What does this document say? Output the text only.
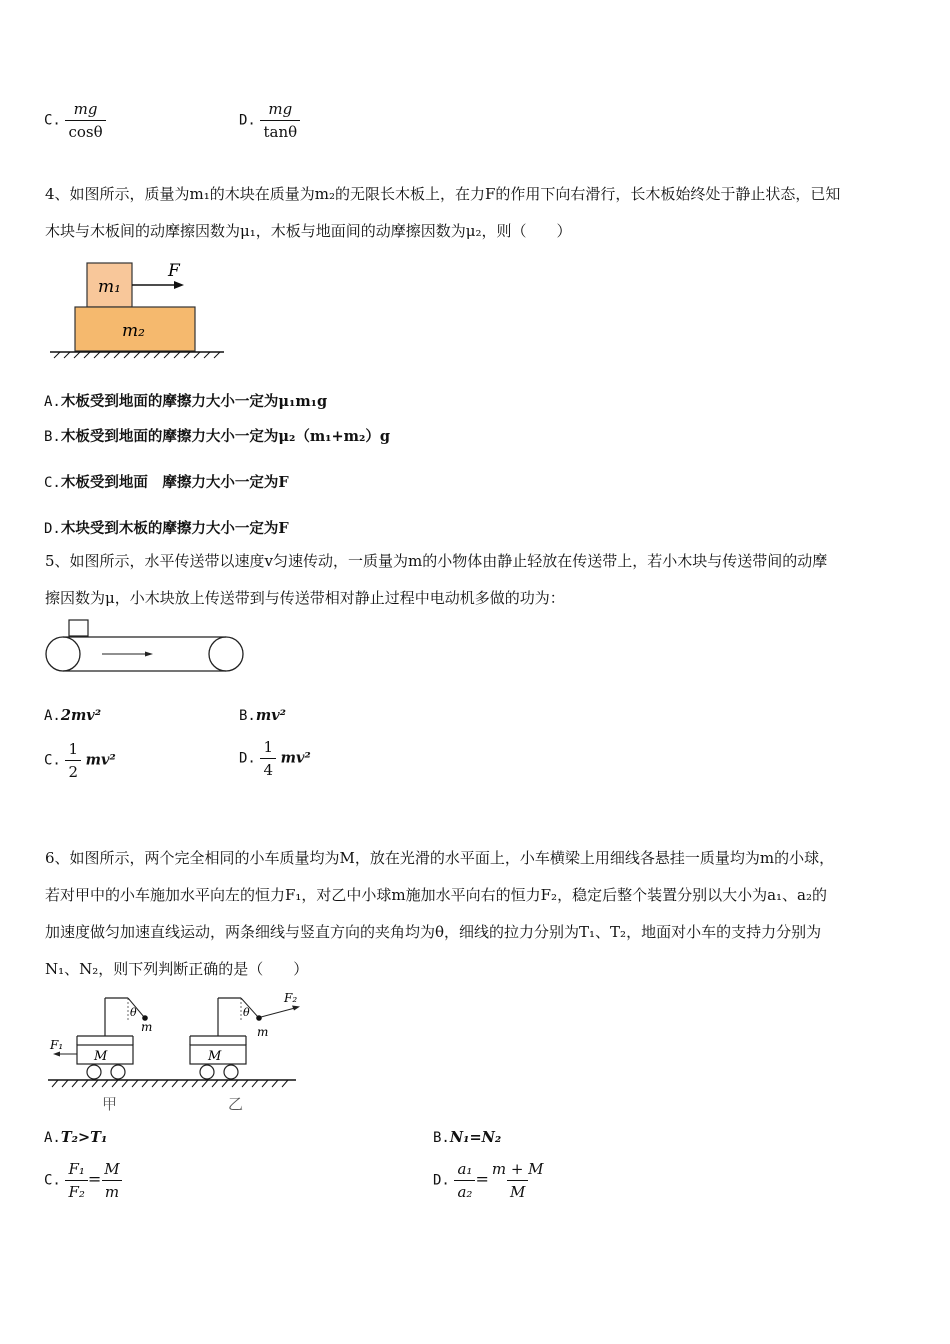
C. $\frac{mg}{\cos\theta}$	D. $\frac{mg}{\tan\theta}$
4、如图所示，质量为m₁的木块在质量为m₂的无限长木板上，在力F的作用下向右滑行，长木板始终处于静止状态，已知
木块与木板间的动摩擦因数为μ₁，木板与地面间的动摩擦因数为μ₂，则（　　）
m₁
m₂
F
A.木板受到地面的摩擦力大小一定为μ₁m₁g
B.木板受到地面的摩擦力大小一定为μ₂（m₁+m₂）g
C.木板受到地面　摩擦力大小一定为F
D.木块受到木板的摩擦力大小一定为F
5、如图所示，水平传送带以速度v匀速传动，一质量为m的小物体由静止轻放在传送带上，若小木块与传送带间的动摩
擦因数为μ，小木块放上传送带到与传送带相对静止过程中电动机多做的功为：
A.2mv²	B.mv²
C. $\frac{1}{2} mv^2$	D. $\frac{1}{4} mv^2$
6、如图所示，两个完全相同的小车质量均为M，放在光滑的水平面上，小车横梁上用细线各悬挂一质量均为m的小球，
若对甲中的小车施加水平向左的恒力F₁，对乙中小球m施加水平向右的恒力F₂，稳定后整个装置分别以大小为a₁、a₂的
加速度做匀加速直线运动，两条细线与竖直方向的夹角均为θ，细线的拉力分别为T₁、T₂，地面对小车的支持力分别为
N₁、N₂，则下列判断正确的是（　　）
θ
m
M
F₁
θ
m
F₂
M
甲	乙
A.T₂>T₁	B.N₁=N₂
C. $\frac{\text{F₁}}{\text{F₂}} = \frac{M}{m}$	D. $\frac{\text{a₁}}{\text{a₂}} = \frac{m + M}{M}$
